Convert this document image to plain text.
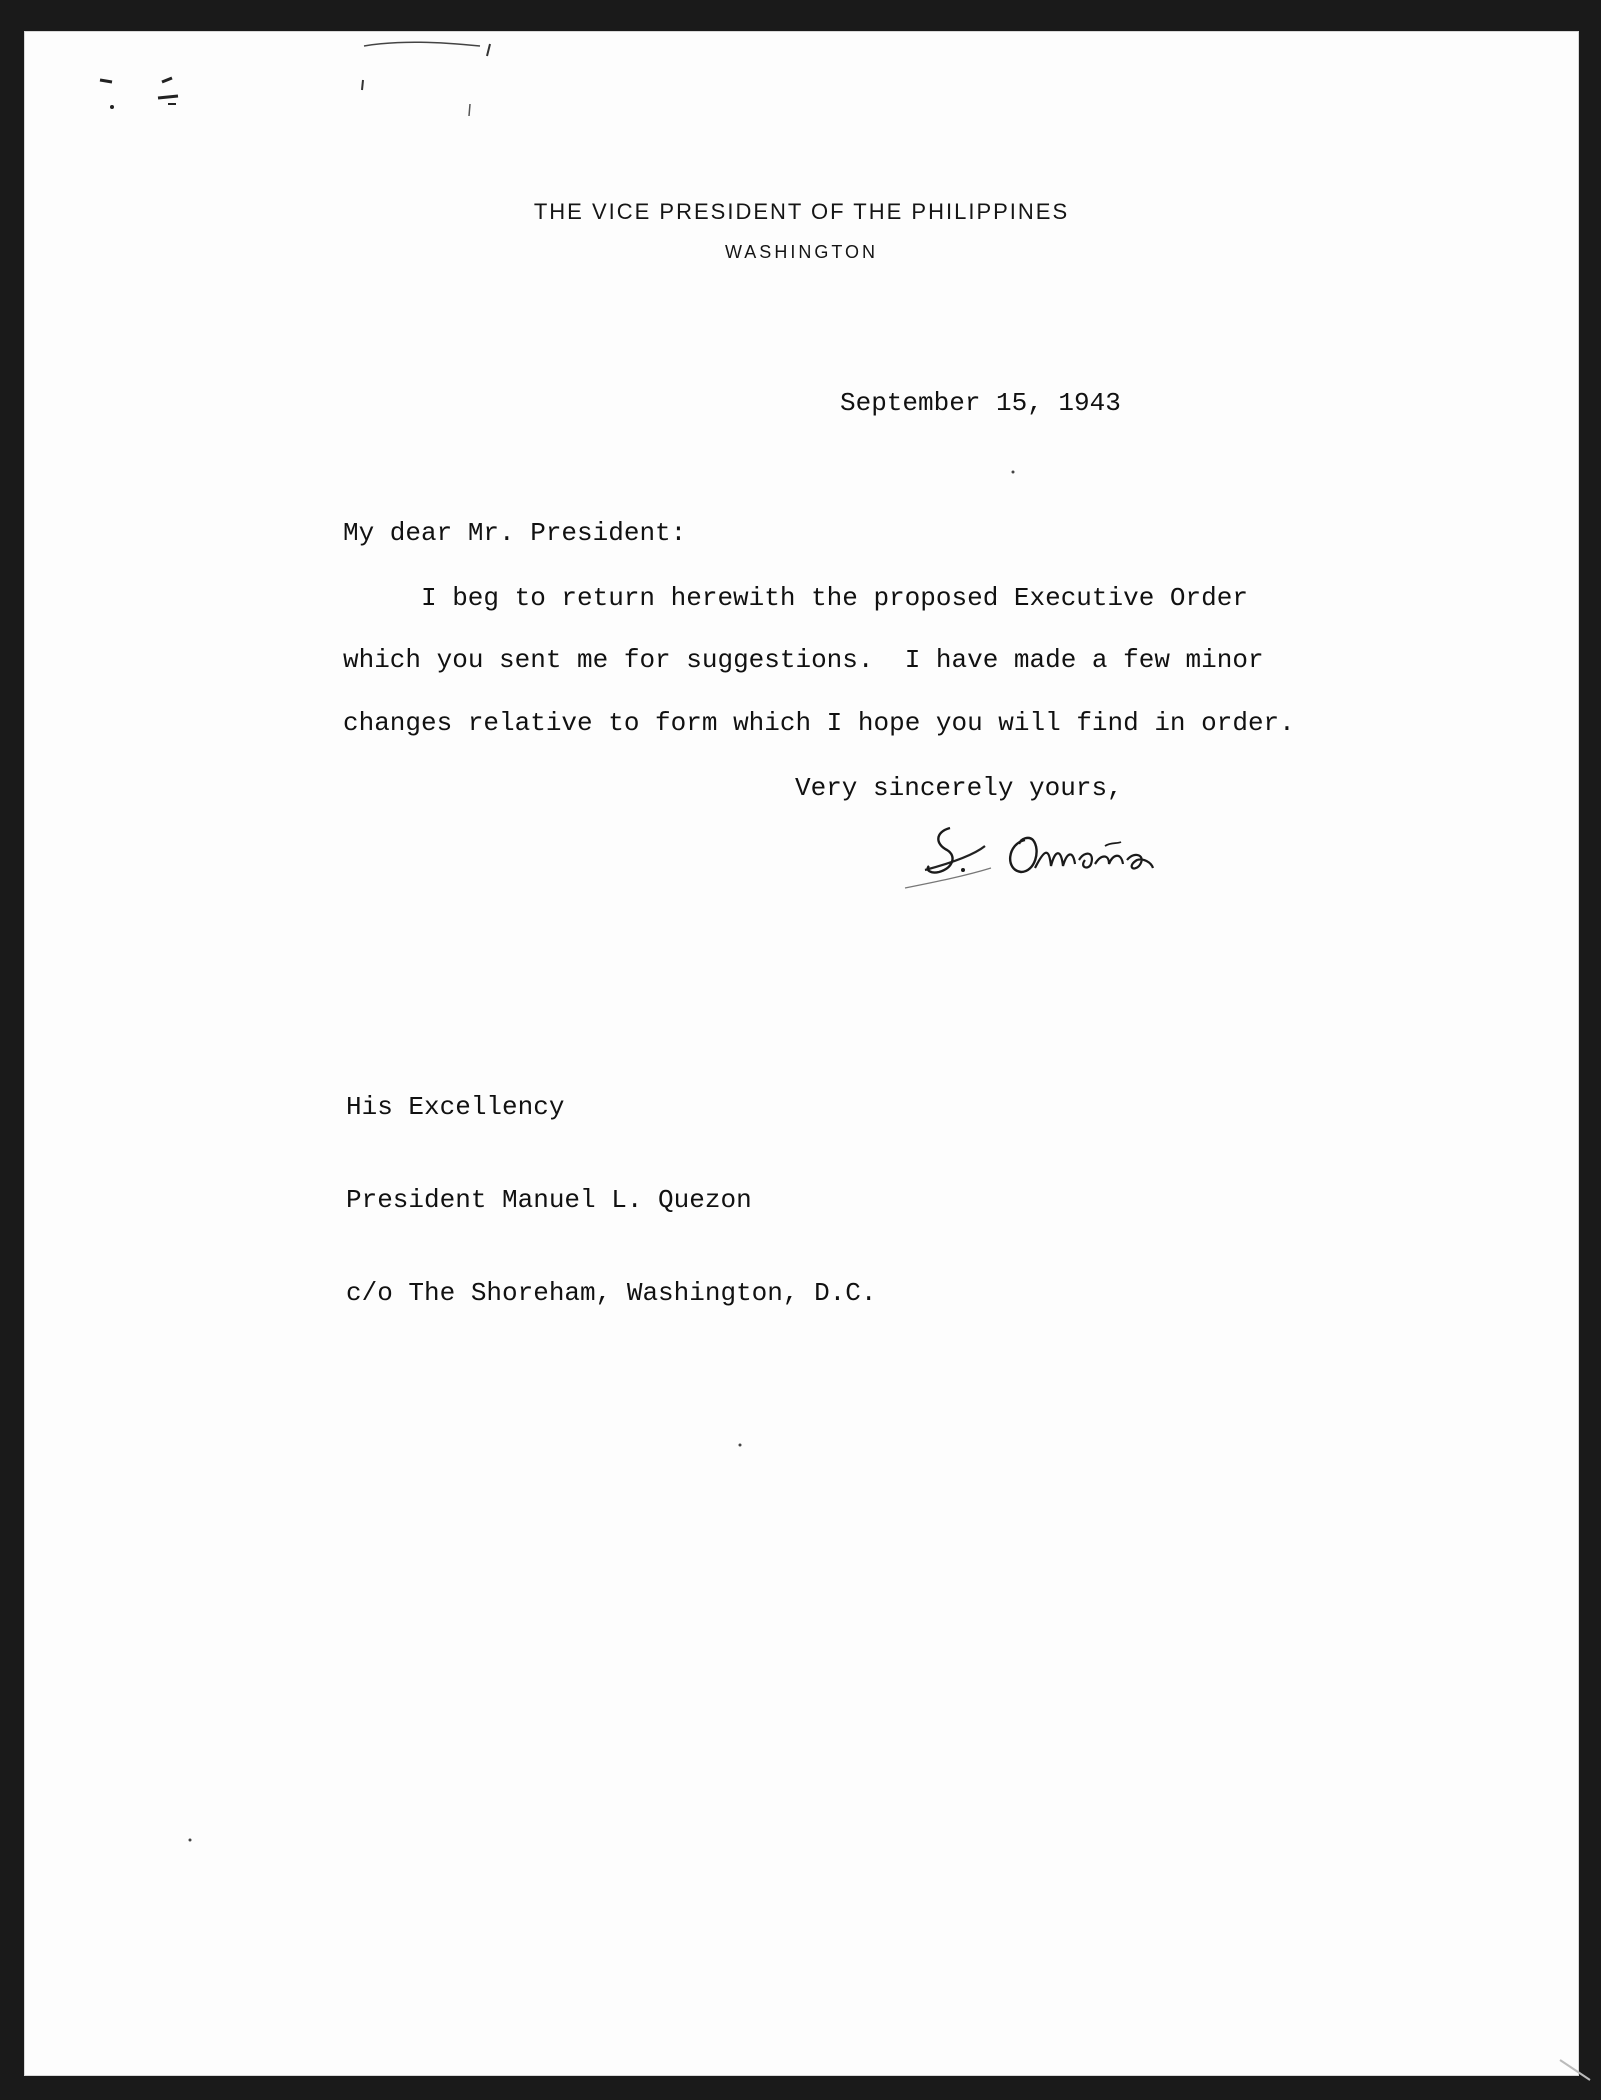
THE VICE PRESIDENT OF THE PHILIPPINES
WASHINGTON

September 15, 1943

My dear Mr. President:

I beg to return herewith the proposed Executive Order

which you sent me for suggestions.  I have made a few minor

changes relative to form which I hope you will find in order.

Very sincerely yours,

His Excellency

President Manuel L. Quezon

c/o The Shoreham, Washington, D.C.
